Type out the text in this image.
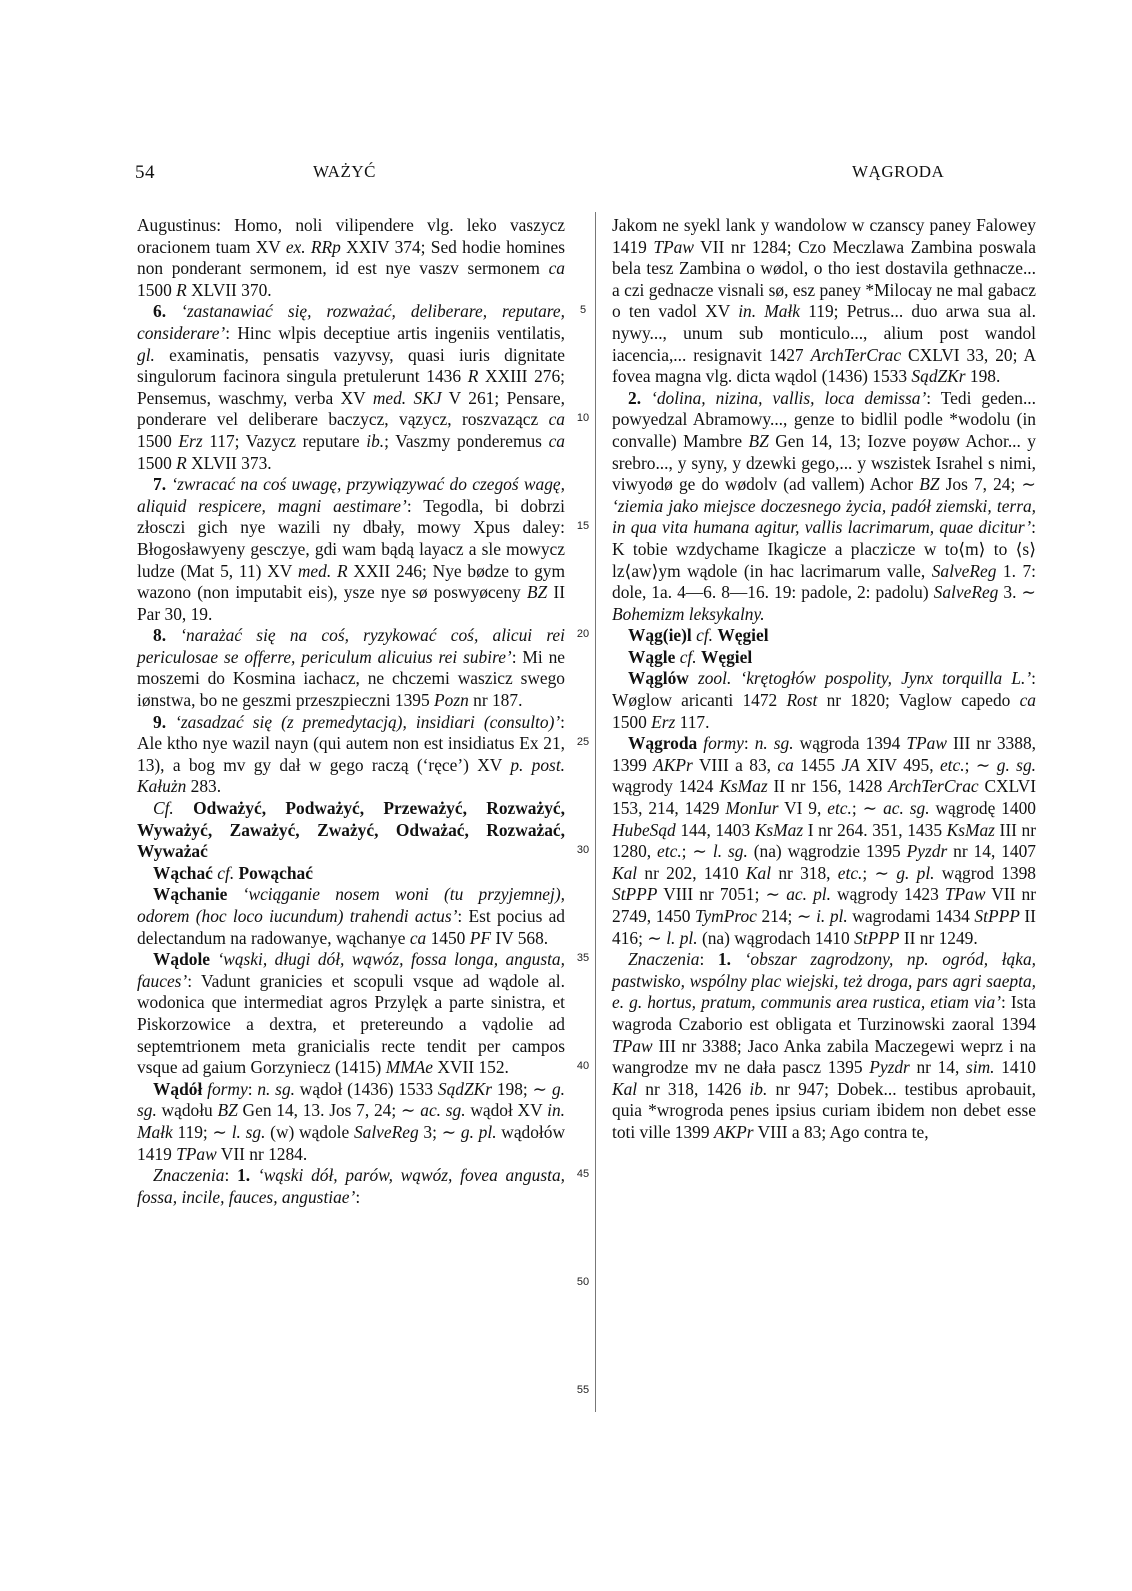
54	WAŻYĆ	WĄGRODA

Augustinus: Homo, noli vilipendere vlg. leko vaszycz oracionem tuam XV ex. RRp XXIV 374; Sed hodie homines non ponderant sermonem, id est nye vaszv sermonem ca 1500 R XLVII 370.

6. ‘zastanawiać się, rozważać, deliberare, reputare, considerare’: Hinc wlpis deceptiue artis ingeniis ventilatis, gl. examinatis, pensatis vazyvsy, quasi iuris dignitate singulorum facinora singula pretulerunt 1436 R XXIII 276; Pensemus, waschmy, verba XV med. SKJ V 261; Pensare, ponderare vel deliberare baczycz, vązycz, roszvazącz ca 1500 Erz 117; Vazycz reputare ib.; Vaszmy ponderemus ca 1500 R XLVII 373.

7. ‘zwracać na coś uwagę, przywiązywać do czegoś wagę, aliquid respicere, magni aestimare’: Tegodla, bi dobrzi złosczi gich nye wazili ny dbały, mowy Xpus daley: Błogosławyeny gesczye, gdi wam bądą layacz a sle mowycz ludze (Mat 5, 11) XV med. R XXII 246; Nye bødze to gym wazono (non imputabit eis), ysze nye sø poswyøceny BZ II Par 30, 19.

8. ‘narażać się na coś, ryzykować coś, alicui rei periculosae se offerre, periculum alicuius rei subire’: Mi ne moszemi do Kosmina iachacz, ne chczemi waszicz swego iønstwa, bo ne geszmi przeszpieczni 1395 Pozn nr 187.

9. ‘zasadzać się (z premedytacją), insidiari (consulto)’: Ale ktho nye wazil nayn (qui autem non est insidiatus Ex 21, 13), a bog mv gy dał w gego raczą (‘ręce’) XV p. post. Kałużn 283.

Cf. Odważyć, Podważyć, Przeważyć, Rozważyć, Wyważyć, Zaważyć, Zważyć, Odważać, Rozważać, Wyważać

Wąchać cf. Powąchać

Wąchanie ‘wciąganie nosem woni (tu przyjemnej), odorem (hoc loco iucundum) trahendi actus’: Est pocius ad delectandum na radowanye, wąchanye ca 1450 PF IV 568.

Wądole ‘wąski, długi dół, wąwóz, fossa longa, angusta, fauces’: Vadunt granicies et scopuli vsque ad wądole al. wodonica que intermediat agros Przylęk a parte sinistra, et Piskorzowice a dextra, et pretereundo a vądolie ad septemtrionem meta granicialis recte tendit per campos vsque ad gaium Gorzyniecz (1415) MMAe XVII 152.

Wądół formy: n. sg. wądoł (1436) 1533 SądZKr 198; ∼ g. sg. wądołu BZ Gen 14, 13. Jos 7, 24; ∼ ac. sg. wądoł XV in. Małk 119; ∼ l. sg. (w) wądole SalveReg 3; ∼ g. pl. wądołów 1419 TPaw VII nr 1284.

Znaczenia: 1. ‘wąski dół, parów, wąwóz, fovea angusta, fossa, incile, fauces, angustiae’:

5
10
15
20
25
30
35
40
45
50
55

Jakom ne syekl lank y wandolow w czanscy paney Falowey 1419 TPaw VII nr 1284; Czo Meczlawa Zambina poswala bela tesz Zambina o wødol, o tho iest dostavila gethnacze... a czi gednacze visnali sø, esz paney *Milocay ne mal gabacz o ten vadol XV in. Małk 119; Petrus... duo arwa sua al. nywy..., unum sub monticulo..., alium post wandol iacencia,... resignavit 1427 ArchTerCrac CXLVI 33, 20; A fovea magna vlg. dicta wądol (1436) 1533 SądZKr 198.

2. ‘dolina, nizina, vallis, loca demissa’: Tedi geden... powyedzal Abramowy..., genze to bidlil podle *wodolu (in convalle) Mambre BZ Gen 14, 13; Iozve poyøw Achor... y srebro..., y syny, y dzewki gego,... y wszistek Israhel s nimi, viwyodø ge do wødolv (ad vallem) Achor BZ Jos 7, 24; ∼ ‘ziemia jako miejsce doczesnego życia, padół ziemski, terra, in qua vita humana agitur, vallis lacrimarum, quae dicitur’: K tobie wzdychame Ikagicze a placzicze w to⟨m⟩ to ⟨s⟩lz⟨aw⟩ym wądole (in hac lacrimarum valle, SalveReg 1. 7: dole, 1a. 4—6. 8—16. 19: padole, 2: padolu) SalveReg 3. ∼ Bohemizm leksykalny.

Wąg(ie)l cf. Węgiel

Wągle cf. Węgiel

Wąglów zool. ‘krętogłów pospolity, Jynx torquilla L.’: Wøglow aricanti 1472 Rost nr 1820; Vaglow capedo ca 1500 Erz 117.

Wągroda formy: n. sg. wągroda 1394 TPaw III nr 3388, 1399 AKPr VIII a 83, ca 1455 JA XIV 495, etc.; ∼ g. sg. wągrody 1424 KsMaz II nr 156, 1428 ArchTerCrac CXLVI 153, 214, 1429 MonIur VI 9, etc.; ∼ ac. sg. wągrodę 1400 HubeSąd 144, 1403 KsMaz I nr 264. 351, 1435 KsMaz III nr 1280, etc.; ∼ l. sg. (na) wągrodzie 1395 Pyzdr nr 14, 1407 Kal nr 202, 1410 Kal nr 318, etc.; ∼ g. pl. wągrod 1398 StPPP VIII nr 7051; ∼ ac. pl. wągrody 1423 TPaw VII nr 2749, 1450 TymProc 214; ∼ i. pl. wagrodami 1434 StPPP II 416; ∼ l. pl. (na) wągrodach 1410 StPPP II nr 1249.

Znaczenia: 1. ‘obszar zagrodzony, np. ogród, łąka, pastwisko, wspólny plac wiejski, też droga, pars agri saepta, e. g. hortus, pratum, communis area rustica, etiam via’: Ista wagroda Czaborio est obligata et Turzinowski zaoral 1394 TPaw III nr 3388; Jaco Anka zabila Maczegewi weprz i na wangrodze mv ne dała pascz 1395 Pyzdr nr 14, sim. 1410 Kal nr 318, 1426 ib. nr 947; Dobek... testibus aprobauit, quia *wrogroda penes ipsius curiam ibidem non debet esse toti ville 1399 AKPr VIII a 83; Ago contra te,
